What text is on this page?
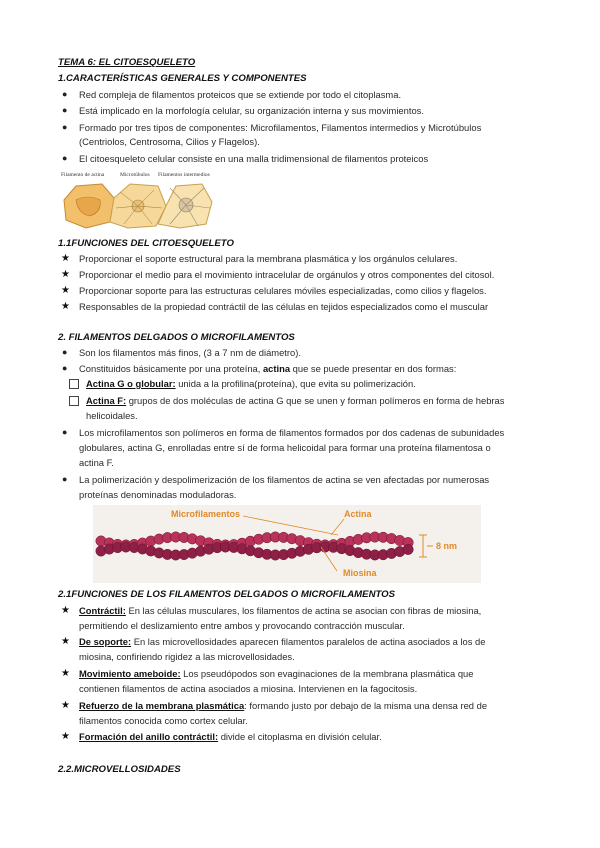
TEMA 6: EL CITOESQUELETO
1.CARACTERÍSTICAS GENERALES Y COMPONENTES
● Red compleja de filamentos proteicos que se extiende por todo el citoplasma.
● Está implicado en la morfología celular, su organización interna y sus movimientos.
● Formado por tres tipos de componentes: Microfilamentos, Filamentos intermedios y Microtúbulos
(Centriolos, Centrosoma, Cilios y Flagelos).
● El citoesqueleto celular consiste en una malla tridimensional de filamentos proteicos
Filamento de actina	Microtúbulos Filamentos intermedios
1.1FUNCIONES DEL CITOESQUELETO
★ Proporcionar el soporte estructural para la membrana plasmática y los orgánulos celulares.
★ Proporcionar el medio para el movimiento intracelular de orgánulos y otros componentes del citosol.
★ Proporcionar soporte para las estructuras celulares móviles especializadas, como cilios y flagelos.
★ Responsables de la propiedad contráctil de las células en tejidos especializados como el muscular
2. FILAMENTOS DELGADOS O MICROFILAMENTOS
● Son los filamentos más finos, (3 a 7 nm de diámetro).
● Constituidos básicamente por una proteína, actina que se puede presentar en dos formas:
Actina G o globular: unida a la profilina(proteína), que evita su polimerización.
Actina F: grupos de dos moléculas de actina G que se unen y forman polímeros en forma de hebras
helicoidales.
● Los microfilamentos son polímeros en forma de filamentos formados por dos cadenas de subunidades
globulares, actina G, enrolladas entre sí de forma helicoidal para formar una proteína filamentosa o
actina F.
● La polimerización y despolimerización de los filamentos de actina se ven afectadas por numerosas
proteínas denominadas moduladoras.
Microfilamentos	Actina
8 nm
Miosina
2.1FUNCIONES DE LOS FILAMENTOS DELGADOS O MICROFILAMENTOS
★ Contráctil: En las células musculares, los filamentos de actina se asocian con fibras de miosina,
permitiendo el deslizamiento entre ambos y provocando contracción muscular.
★ De soporte: En las microvellosidades aparecen filamentos paralelos de actina asociados a los de
miosina, confiriendo rigidez a las microvellosidades.
★ Movimiento ameboide: Los pseudópodos son evaginaciones de la membrana plasmática que
contienen filamentos de actina asociados a miosina. Intervienen en la fagocitosis.
★ Refuerzo de la membrana plasmática: formando justo por debajo de la misma una densa red de
filamentos conocida como cortex celular.
★ Formación del anillo contráctil: divide el citoplasma en división celular.
2.2.MICROVELLOSIDADES
